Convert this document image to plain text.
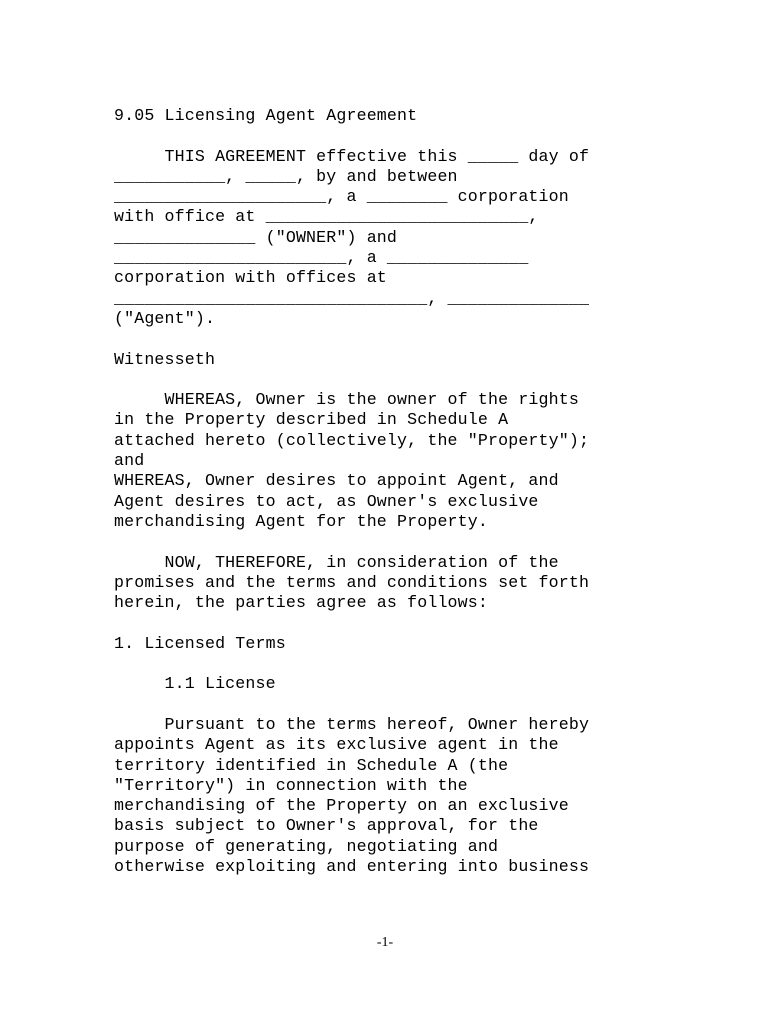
9.05 Licensing Agent Agreement
THIS AGREEMENT effective this _____ day of
___________, _____, by and between
_____________________, a ________ corporation
with office at __________________________,
______________ ("OWNER") and
_______________________, a ______________
corporation with offices at
_______________________________, ______________
("Agent").
Witnesseth
WHEREAS, Owner is the owner of the rights
in the Property described in Schedule A
attached hereto (collectively, the "Property");
and
WHEREAS, Owner desires to appoint Agent, and
Agent desires to act, as Owner's exclusive
merchandising Agent for the Property.
NOW, THEREFORE, in consideration of the
promises and the terms and conditions set forth
herein, the parties agree as follows:
1. Licensed Terms
1.1 License
Pursuant to the terms hereof, Owner hereby
appoints Agent as its exclusive agent in the
territory identified in Schedule A (the
"Territory") in connection with the
merchandising of the Property on an exclusive
basis subject to Owner's approval, for the
purpose of generating, negotiating and
otherwise exploiting and entering into business
-1-
